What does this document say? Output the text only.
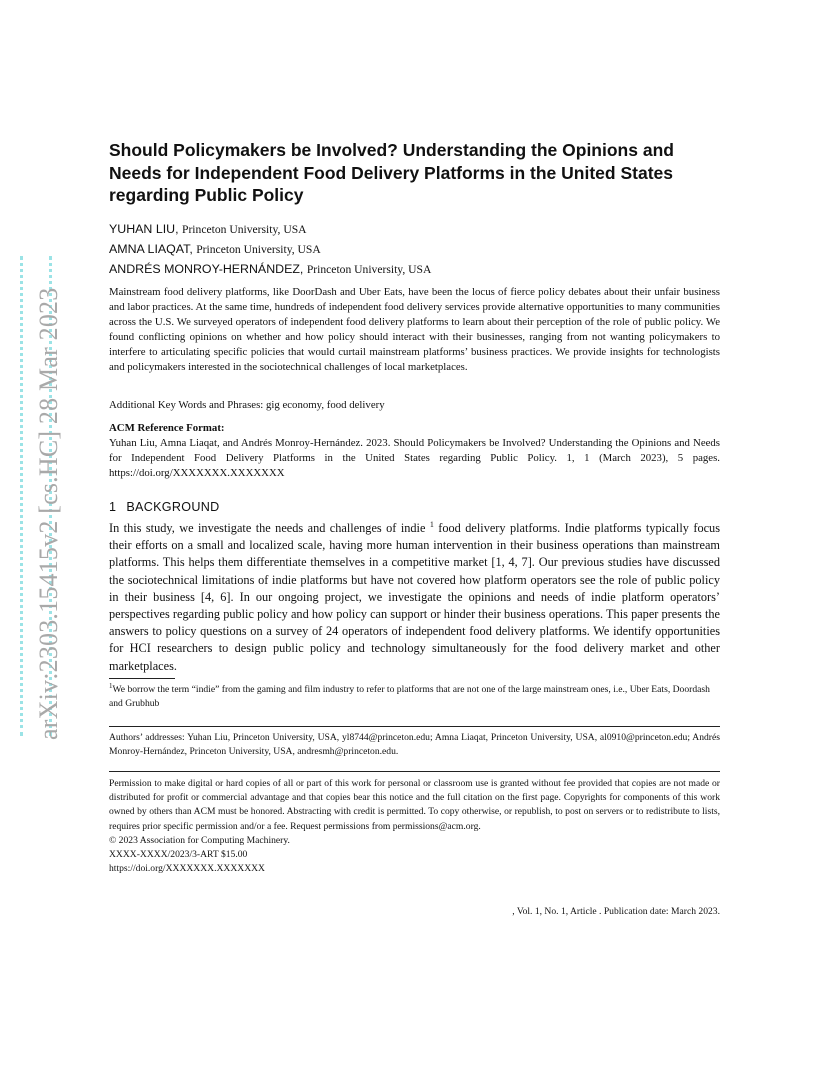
arXiv:2303.15415v2 [cs.HC] 28 Mar 2023
Should Policymakers be Involved? Understanding the Opinions and Needs for Independent Food Delivery Platforms in the United States regarding Public Policy
YUHAN LIU, Princeton University, USA
AMNA LIAQAT, Princeton University, USA
ANDRÉS MONROY-HERNÁNDEZ, Princeton University, USA
Mainstream food delivery platforms, like DoorDash and Uber Eats, have been the locus of fierce policy debates about their unfair business and labor practices. At the same time, hundreds of independent food delivery services provide alternative opportunities to many communities across the U.S. We surveyed operators of independent food delivery platforms to learn about their perception of the role of public policy. We found conflicting opinions on whether and how policy should interact with their businesses, ranging from not wanting policymakers to interfere to articulating specific policies that would curtail mainstream platforms’ business practices. We provide insights for technologists and policymakers interested in the sociotechnical challenges of local marketplaces.
Additional Key Words and Phrases: gig economy, food delivery
ACM Reference Format:
Yuhan Liu, Amna Liaqat, and Andrés Monroy-Hernández. 2023. Should Policymakers be Involved? Understanding the Opinions and Needs for Independent Food Delivery Platforms in the United States regarding Public Policy. 1, 1 (March 2023), 5 pages. https://doi.org/XXXXXXX.XXXXXXX
1 BACKGROUND
In this study, we investigate the needs and challenges of indie $^1$ food delivery platforms. Indie platforms typically focus their efforts on a small and localized scale, having more human intervention in their business operations than mainstream platforms. This helps them differentiate themselves in a competitive market [1, 4, 7]. Our previous studies have discussed the sociotechnical limitations of indie platforms but have not covered how platform operators see the role of public policy in their business [4, 6]. In our ongoing project, we investigate the opinions and needs of indie platform operators’ perspectives regarding public policy and how policy can support or hinder their business operations. This paper presents the answers to policy questions on a survey of 24 operators of independent food delivery platforms. We identify opportunities for HCI researchers to design public policy and technology simultaneously for the food delivery market and other marketplaces.
$^1$We borrow the term “indie” from the gaming and film industry to refer to platforms that are not one of the large mainstream ones, i.e., Uber Eats, Doordash and Grubhub
Authors’ addresses: Yuhan Liu, Princeton University, USA, yl8744@princeton.edu; Amna Liaqat, Princeton University, USA, al0910@princeton.edu; Andrés Monroy-Hernández, Princeton University, USA, andresmh@princeton.edu.
Permission to make digital or hard copies of all or part of this work for personal or classroom use is granted without fee provided that copies are not made or distributed for profit or commercial advantage and that copies bear this notice and the full citation on the first page. Copyrights for components of this work owned by others than ACM must be honored. Abstracting with credit is permitted. To copy otherwise, or republish, to post on servers or to redistribute to lists, requires prior specific permission and/or a fee. Request permissions from permissions@acm.org.
© 2023 Association for Computing Machinery.
XXXX-XXXX/2023/3-ART $15.00
https://doi.org/XXXXXXX.XXXXXXX
, Vol. 1, No. 1, Article . Publication date: March 2023.
